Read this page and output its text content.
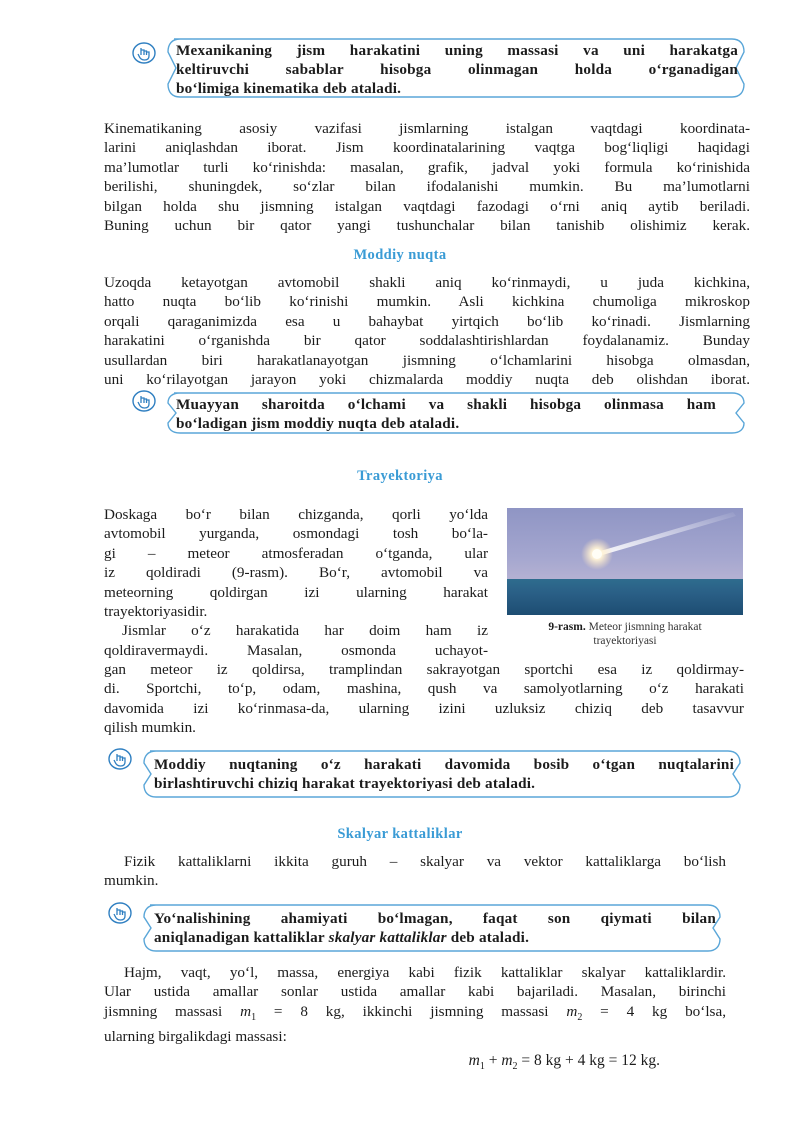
Mexanikaning jism harakatini uning massasi va uni harakatga
keltiruvchi sabablar hisobga olinmagan holda o‘rganadigan
bo‘limiga kinematika deb ataladi.

Kinematikaning asosiy vazifasi jismlarning istalgan vaqtdagi koordinata-
larini aniqlashdan iborat. Jism koordinatalarining vaqtga bog‘liqligi haqidagi
ma’lumotlar turli ko‘rinishda: masalan, grafik, jadval yoki formula ko‘rinishida
berilishi, shuningdek, so‘zlar bilan ifodalanishi mumkin. Bu ma’lumotlarni
bilgan holda shu jismning istalgan vaqtdagi fazodagi o‘rni aniq aytib beriladi.
Buning uchun bir qator yangi tushunchalar bilan tanishib olishimiz kerak.

Moddiy nuqta

Uzoqda ketayotgan avtomobil shakli aniq ko‘rinmaydi, u juda kichkina,
hatto nuqta bo‘lib ko‘rinishi mumkin. Asli kichkina chumoliga mikroskop
orqali qaraganimizda esa u bahaybat yirtqich bo‘lib ko‘rinadi. Jismlarning
harakatini o‘rganishda bir qator soddalashtirishlardan foydalanamiz. Bunday
usullardan biri harakatlanayotgan jismning o‘lchamlarini hisobga olmasdan,
uni ko‘rilayotgan jarayon yoki chizmalarda moddiy nuqta deb olishdan iborat.

Muayyan sharoitda o‘lchami va shakli hisobga olinmasa ham
bo‘ladigan jism moddiy nuqta deb ataladi.

Trayektoriya

Doskaga bo‘r bilan chizganda, qorli yo‘lda
avtomobil yurganda, osmondagi tosh bo‘la-
gi – meteor atmosferadan o‘tganda, ular
iz qoldiradi (9-rasm). Bo‘r, avtomobil va
meteorning qoldirgan izi ularning harakat
trayektoriyasidir.
Jismlar o‘z harakatida har doim ham iz
qoldiravermaydi. Masalan, osmonda uchayot-

9-rasm. Meteor jismning harakat
trayektoriyasi

gan meteor iz qoldirsa, tramplindan sakrayotgan sportchi esa iz qoldirmay-
di. Sportchi, to‘p, odam, mashina, qush va samolyotlarning o‘z harakati
davomida izi ko‘rinmasa-da, ularning izini uzluksiz chiziq deb tasavvur
qilish mumkin.

Moddiy nuqtaning o‘z harakati davomida bosib o‘tgan nuqtalarini
birlashtiruvchi chiziq harakat trayektoriyasi deb ataladi.

Skalyar kattaliklar

Fizik kattaliklarni ikkita guruh – skalyar va vektor kattaliklarga bo‘lish
mumkin.

Yo‘nalishining ahamiyati bo‘lmagan, faqat son qiymati bilan
aniqlanadigan kattaliklar skalyar kattaliklar deb ataladi.

Hajm, vaqt, yo‘l, massa, energiya kabi fizik kattaliklar skalyar kattaliklardir.
Ular ustida amallar sonlar ustida amallar kabi bajariladi. Masalan, birinchi
jismning massasi $m_1 = 8$ kg, ikkinchi jismning massasi $m_2 = 4$ kg bo‘lsa,
ularning birgalikdagi massasi:

$m_1 + m_2 = 8$ kg + 4 kg = 12 kg.
